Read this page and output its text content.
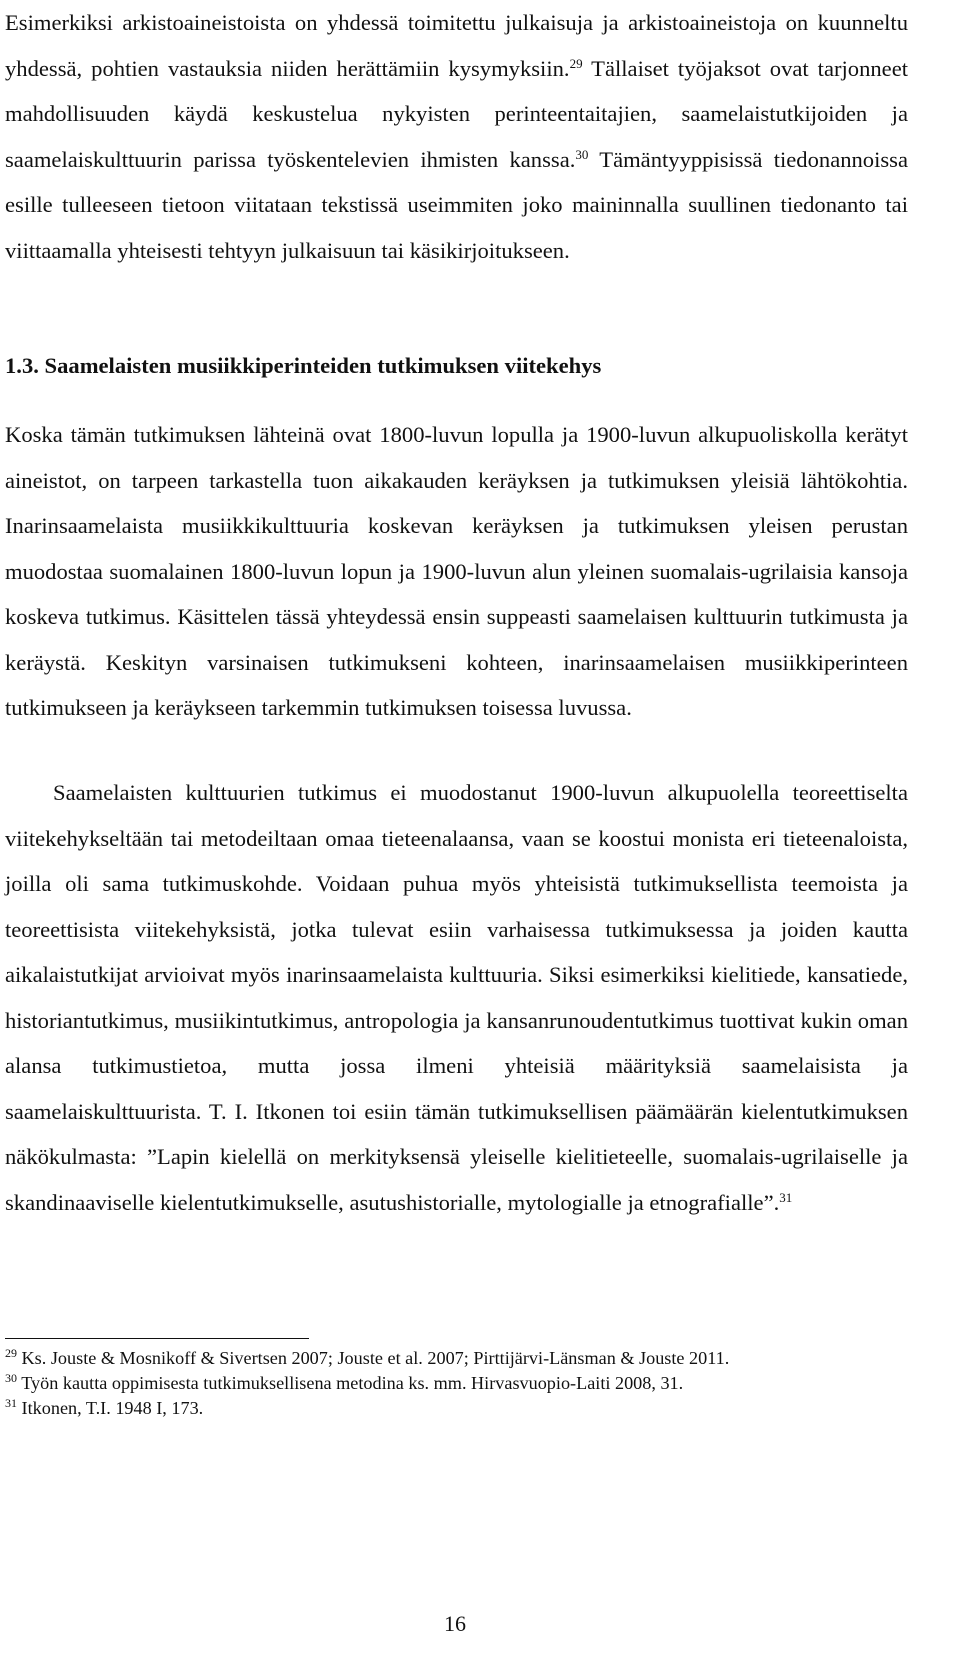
Esimerkiksi arkistoaineistoista on yhdessä toimitettu julkaisuja ja arkistoaineistoja on kuunneltu yhdessä, pohtien vastauksia niiden herättämiin kysymyksiin.$^{29}$ Tällaiset työjaksot ovat tarjonneet mahdollisuuden käydä keskustelua nykyisten perinteentaitajien, saamelaistutkijoiden ja saamelaiskulttuurin parissa työskentelevien ihmisten kanssa.$^{30}$ Tämäntyyppisissä tiedonannoissa esille tulleeseen tietoon viitataan tekstissä useimmiten joko maininnalla suullinen tiedonanto tai viittaamalla yhteisesti tehtyyn julkaisuun tai käsikirjoitukseen.

1.3. Saamelaisten musiikkiperinteiden tutkimuksen viitekehys

Koska tämän tutkimuksen lähteinä ovat 1800-luvun lopulla ja 1900-luvun alkupuoliskolla kerätyt aineistot, on tarpeen tarkastella tuon aikakauden keräyksen ja tutkimuksen yleisiä lähtökohtia. Inarinsaamelaista musiikkikulttuuria koskevan keräyksen ja tutkimuksen yleisen perustan muodostaa suomalainen 1800-luvun lopun ja 1900-luvun alun yleinen suomalais-ugrilaisia kansoja koskeva tutkimus. Käsittelen tässä yhteydessä ensin suppeasti saamelaisen kulttuurin tutkimusta ja keräystä. Keskityn varsinaisen tutkimukseni kohteen, inarinsaamelaisen musiikkiperinteen tutkimukseen ja keräykseen tarkemmin tutkimuksen toisessa luvussa.

Saamelaisten kulttuurien tutkimus ei muodostanut 1900-luvun alkupuolella teoreettiselta viitekehykseltään tai metodeiltaan omaa tieteenalaansa, vaan se koostui monista eri tieteenaloista, joilla oli sama tutkimuskohde. Voidaan puhua myös yhteisistä tutkimuksellista teemoista ja teoreettisista viitekehyksistä, jotka tulevat esiin varhaisessa tutkimuksessa ja joiden kautta aikalaistutkijat arvioivat myös inarinsaamelaista kulttuuria. Siksi esimerkiksi kielitiede, kansatiede, historiantutkimus, musiikintutkimus, antropologia ja kansanrunoudentutkimus tuottivat kukin oman alansa tutkimustietoa, mutta jossa ilmeni yhteisiä määrityksiä saamelaisista ja saamelaiskulttuurista. T. I. Itkonen toi esiin tämän tutkimuksellisen päämäärän kielentutkimuksen näkökulmasta: ”Lapin kielellä on merkityksensä yleiselle kielitieteelle, suomalais-ugrilaiselle ja skandinaaviselle kielentutkimukselle, asutushistorialle, mytologialle ja etnografialle”.$^{31}$

$^{29}$ Ks. Jouste & Mosnikoff & Sivertsen 2007; Jouste et al. 2007; Pirttijärvi-Länsman & Jouste 2011.
$^{30}$ Työn kautta oppimisesta tutkimuksellisena metodina ks. mm. Hirvasvuopio-Laiti 2008, 31.
$^{31}$ Itkonen, T.I. 1948 I, 173.
16
